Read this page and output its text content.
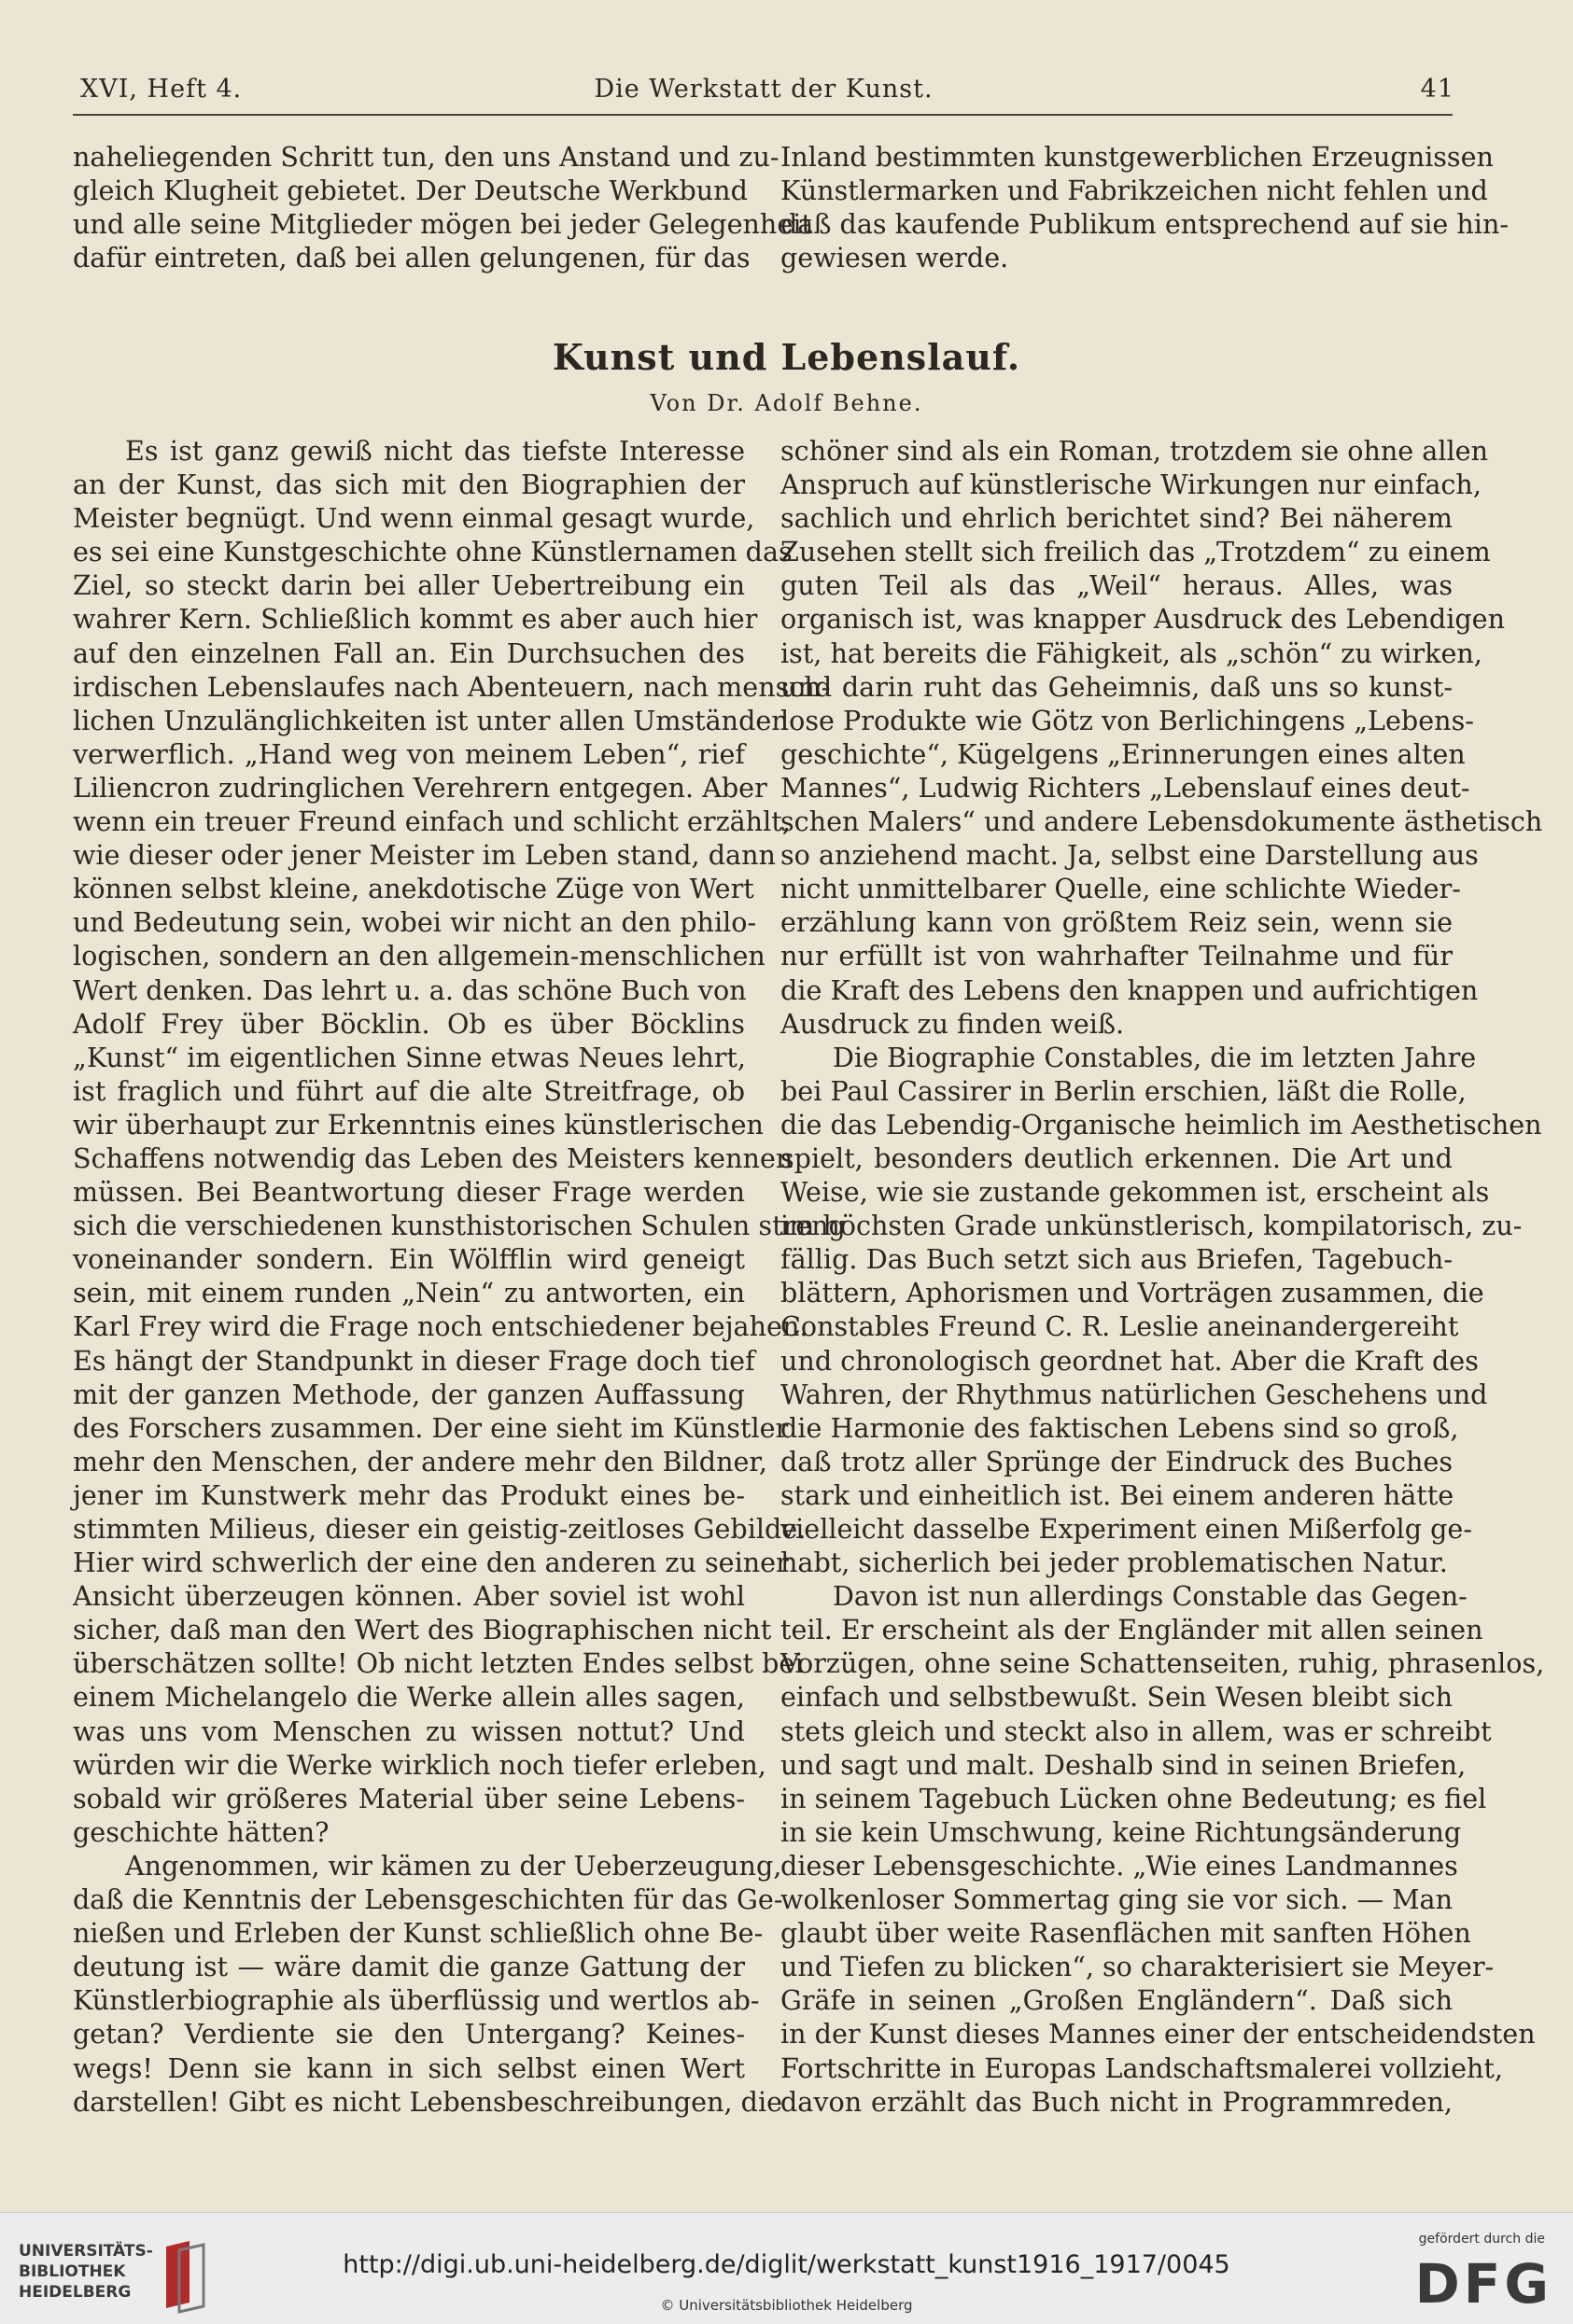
XVI, Heft 4.	Die Werkstatt der Kunst.	41
naheliegenden Schritt tun, den uns Anstand und zu-
gleich Klugheit gebietet. Der Deutsche Werkbund
und alle seine Mitglieder mögen bei jeder Gelegenheit
dafür eintreten, daß bei allen gelungenen, für das
Inland bestimmten kunstgewerblichen Erzeugnissen
Künstlermarken und Fabrikzeichen nicht fehlen und
daß das kaufende Publikum entsprechend auf sie hin-
gewiesen werde.
Kunst und Lebenslauf.
Von Dr. Adolf Behne.
Es ist ganz gewiß nicht das tiefste Interesse
an der Kunst, das sich mit den Biographien der
Meister begnügt. Und wenn einmal gesagt wurde,
es sei eine Kunstgeschichte ohne Künstlernamen das
Ziel, so steckt darin bei aller Uebertreibung ein
wahrer Kern. Schließlich kommt es aber auch hier
auf den einzelnen Fall an. Ein Durchsuchen des
irdischen Lebenslaufes nach Abenteuern, nach mensch-
lichen Unzulänglichkeiten ist unter allen Umständen
verwerflich. „Hand weg von meinem Leben“, rief
Liliencron zudringlichen Verehrern entgegen. Aber
wenn ein treuer Freund einfach und schlicht erzählt,
wie dieser oder jener Meister im Leben stand, dann
können selbst kleine, anekdotische Züge von Wert
und Bedeutung sein, wobei wir nicht an den philo-
logischen, sondern an den allgemein-menschlichen
Wert denken. Das lehrt u. a. das schöne Buch von
Adolf Frey über Böcklin. Ob es über Böcklins
„Kunst“ im eigentlichen Sinne etwas Neues lehrt,
ist fraglich und führt auf die alte Streitfrage, ob
wir überhaupt zur Erkenntnis eines künstlerischen
Schaffens notwendig das Leben des Meisters kennen
müssen. Bei Beantwortung dieser Frage werden
sich die verschiedenen kunsthistorischen Schulen streng
voneinander sondern. Ein Wölfflin wird geneigt
sein, mit einem runden „Nein“ zu antworten, ein
Karl Frey wird die Frage noch entschiedener bejahen.
Es hängt der Standpunkt in dieser Frage doch tief
mit der ganzen Methode, der ganzen Auffassung
des Forschers zusammen. Der eine sieht im Künstler
mehr den Menschen, der andere mehr den Bildner,
jener im Kunstwerk mehr das Produkt eines be-
stimmten Milieus, dieser ein geistig-zeitloses Gebilde.
Hier wird schwerlich der eine den anderen zu seiner
Ansicht überzeugen können. Aber soviel ist wohl
sicher, daß man den Wert des Biographischen nicht
überschätzen sollte! Ob nicht letzten Endes selbst bei
einem Michelangelo die Werke allein alles sagen,
was uns vom Menschen zu wissen nottut? Und
würden wir die Werke wirklich noch tiefer erleben,
sobald wir größeres Material über seine Lebens-
geschichte hätten?
Angenommen, wir kämen zu der Ueberzeugung,
daß die Kenntnis der Lebensgeschichten für das Ge-
nießen und Erleben der Kunst schließlich ohne Be-
deutung ist — wäre damit die ganze Gattung der
Künstlerbiographie als überflüssig und wertlos ab-
getan? Verdiente sie den Untergang? Keines-
wegs! Denn sie kann in sich selbst einen Wert
darstellen! Gibt es nicht Lebensbeschreibungen, die
schöner sind als ein Roman, trotzdem sie ohne allen
Anspruch auf künstlerische Wirkungen nur einfach,
sachlich und ehrlich berichtet sind? Bei näherem
Zusehen stellt sich freilich das „Trotzdem“ zu einem
guten Teil als das „Weil“ heraus. Alles, was
organisch ist, was knapper Ausdruck des Lebendigen
ist, hat bereits die Fähigkeit, als „schön“ zu wirken,
und darin ruht das Geheimnis, daß uns so kunst-
lose Produkte wie Götz von Berlichingens „Lebens-
geschichte“, Kügelgens „Erinnerungen eines alten
Mannes“, Ludwig Richters „Lebenslauf eines deut-
schen Malers“ und andere Lebensdokumente ästhetisch
so anziehend macht. Ja, selbst eine Darstellung aus
nicht unmittelbarer Quelle, eine schlichte Wieder-
erzählung kann von größtem Reiz sein, wenn sie
nur erfüllt ist von wahrhafter Teilnahme und für
die Kraft des Lebens den knappen und aufrichtigen
Ausdruck zu finden weiß.
Die Biographie Constables, die im letzten Jahre
bei Paul Cassirer in Berlin erschien, läßt die Rolle,
die das Lebendig-Organische heimlich im Aesthetischen
spielt, besonders deutlich erkennen. Die Art und
Weise, wie sie zustande gekommen ist, erscheint als
im höchsten Grade unkünstlerisch, kompilatorisch, zu-
fällig. Das Buch setzt sich aus Briefen, Tagebuch-
blättern, Aphorismen und Vorträgen zusammen, die
Constables Freund C. R. Leslie aneinandergereiht
und chronologisch geordnet hat. Aber die Kraft des
Wahren, der Rhythmus natürlichen Geschehens und
die Harmonie des faktischen Lebens sind so groß,
daß trotz aller Sprünge der Eindruck des Buches
stark und einheitlich ist. Bei einem anderen hätte
vielleicht dasselbe Experiment einen Mißerfolg ge-
habt, sicherlich bei jeder problematischen Natur.
Davon ist nun allerdings Constable das Gegen-
teil. Er erscheint als der Engländer mit allen seinen
Vorzügen, ohne seine Schattenseiten, ruhig, phrasenlos,
einfach und selbstbewußt. Sein Wesen bleibt sich
stets gleich und steckt also in allem, was er schreibt
und sagt und malt. Deshalb sind in seinen Briefen,
in seinem Tagebuch Lücken ohne Bedeutung; es fiel
in sie kein Umschwung, keine Richtungsänderung
dieser Lebensgeschichte. „Wie eines Landmannes
wolkenloser Sommertag ging sie vor sich. — Man
glaubt über weite Rasenflächen mit sanften Höhen
und Tiefen zu blicken“, so charakterisiert sie Meyer-
Gräfe in seinen „Großen Engländern“. Daß sich
in der Kunst dieses Mannes einer der entscheidendsten
Fortschritte in Europas Landschaftsmalerei vollzieht,
davon erzählt das Buch nicht in Programmreden,
UNIVERSITÄTS-
BIBLIOTHEK
HEIDELBERG
http://digi.ub.uni-heidelberg.de/diglit/werkstatt_kunst1916_1917/0045
© Universitätsbibliothek Heidelberg
gefördert durch die
DFG
